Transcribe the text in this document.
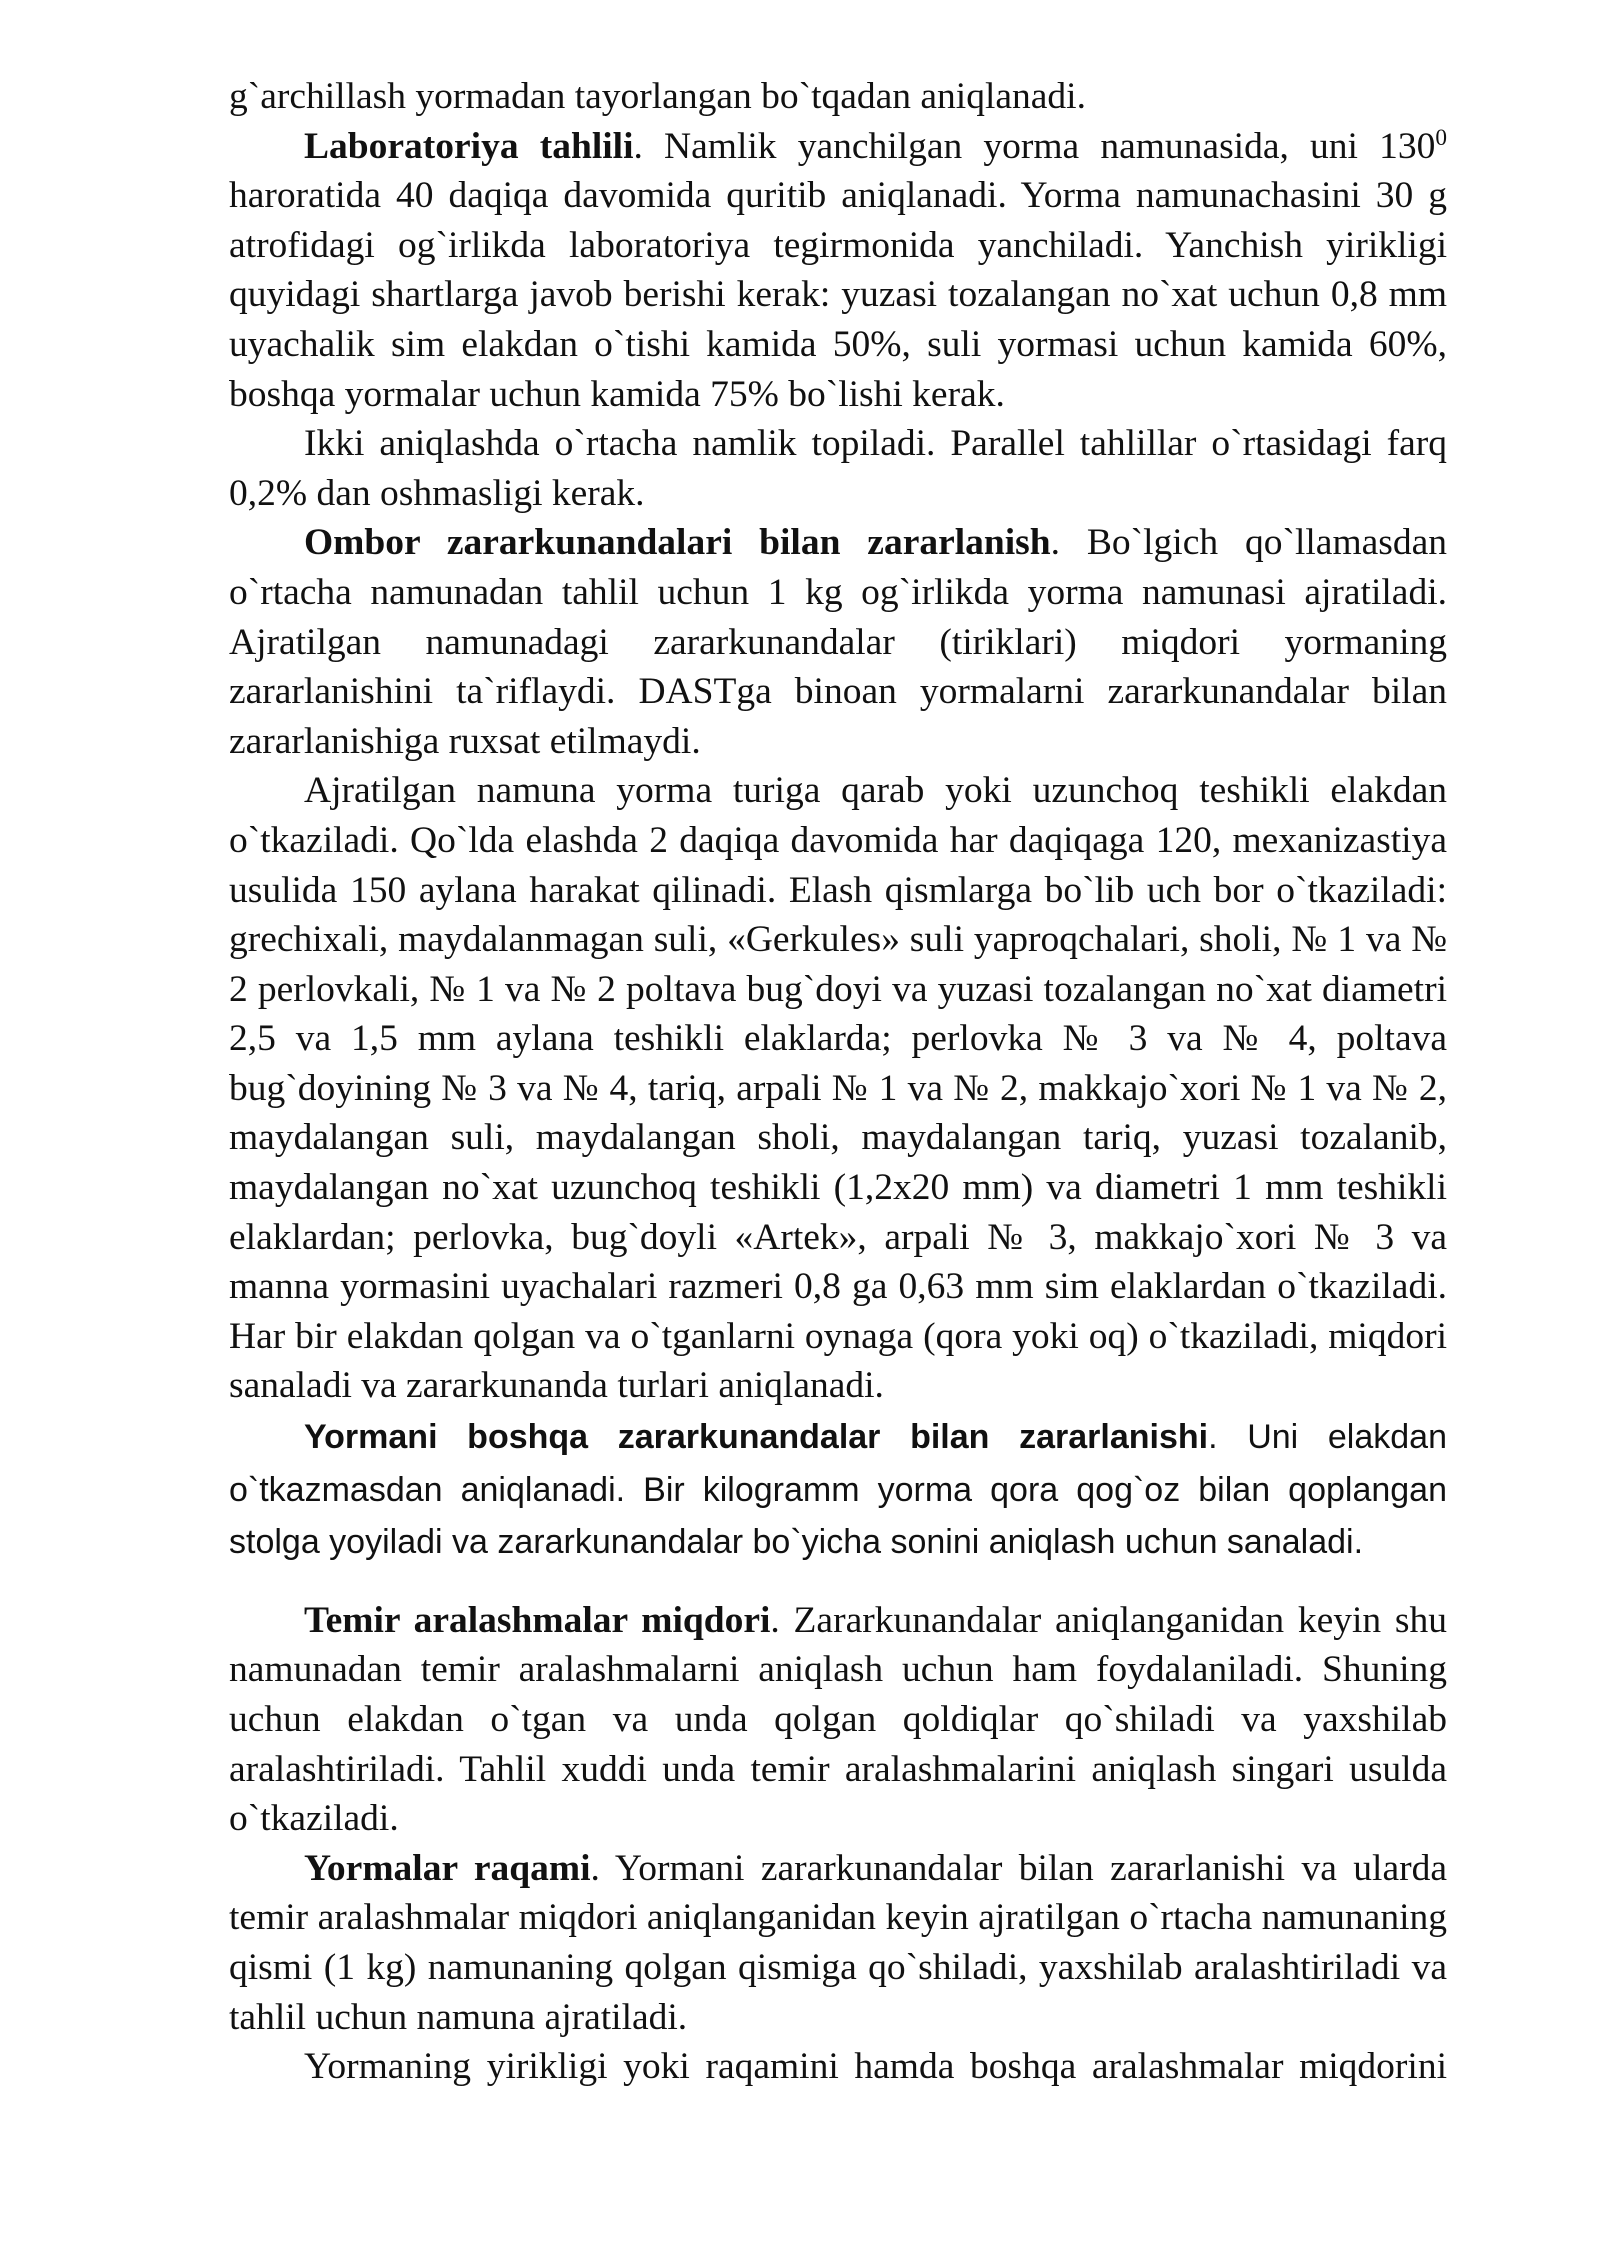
g`archillash yormadan tayorlangan bo`tqadan aniqlanadi.

Laboratoriya tahlili. Namlik yanchilgan yorma namunasida, uni $130^0$ haroratida 40 daqiqa davomida quritib aniqlanadi. Yorma namunachasini 30 g atrofidagi og`irlikda laboratoriya tegirmonida yanchiladi. Yanchish yirikligi quyidagi shartlarga javob berishi kerak: yuzasi tozalangan no`xat uchun 0,8 mm uyachalik sim elakdan o`tishi kamida 50%, suli yormasi uchun kamida 60%, boshqa yormalar uchun kamida 75% bo`lishi kerak.

Ikki aniqlashda o`rtacha namlik topiladi. Parallel tahlillar o`rtasidagi farq 0,2% dan oshmasligi kerak.

Ombor zararkunandalari bilan zararlanish. Bo`lgich qo`llamasdan o`rtacha namunadan tahlil uchun 1 kg og`irlikda yorma namunasi ajratiladi. Ajratilgan namunadagi zararkunandalar (tiriklari) miqdori yormaning zararlanishini ta`riflaydi. DASTga binoan yormalarni zararkunandalar bilan zararlanishiga ruxsat etilmaydi.

Ajratilgan namuna yorma turiga qarab yoki uzunchoq teshikli elakdan o`tkaziladi. Qo`lda elashda 2 daqiqa davomida har daqiqaga 120, mexanizastiya usulida 150 aylana harakat qilinadi. Elash qismlarga bo`lib uch bor o`tkaziladi: grechixali, maydalanmagan suli, «Gerkules» suli yaproqchalari, sholi, № 1 va № 2 perlovkali, № 1 va № 2 poltava bug`doyi va yuzasi tozalangan no`xat diametri 2,5 va 1,5 mm aylana teshikli elaklarda; perlovka № 3 va № 4, poltava bug`doyining № 3 va № 4, tariq, arpali № 1 va № 2, makkajo`xori № 1 va № 2, maydalangan suli, maydalangan sholi, maydalangan tariq, yuzasi tozalanib, maydalangan no`xat uzunchoq teshikli (1,2x20 mm) va diametri 1 mm teshikli elaklardan; perlovka, bug`doyli «Artek», arpali № 3, makkajo`xori № 3 va manna yormasini uyachalari razmeri 0,8 ga 0,63 mm sim elaklardan o`tkaziladi. Har bir elakdan qolgan va o`tganlarni oynaga (qora yoki oq) o`tkaziladi, miqdori sanaladi va zararkunanda turlari aniqlanadi.

Yormani boshqa zararkunandalar bilan zararlanishi. Uni elakdan o`tkazmasdan aniqlanadi. Bir kilogramm yorma qora qog`oz bilan qoplangan stolga yoyiladi va zararkunandalar bo`yicha sonini aniqlash uchun sanaladi.

Temir aralashmalar miqdori. Zararkunandalar aniqlanganidan keyin shu namunadan temir aralashmalarni aniqlash uchun ham foydalaniladi. Shuning uchun elakdan o`tgan va unda qolgan qoldiqlar qo`shiladi va yaxshilab aralashtiriladi. Tahlil xuddi unda temir aralashmalarini aniqlash singari usulda o`tkaziladi.

Yormalar raqami. Yormani zararkunandalar bilan zararlanishi va ularda temir aralashmalar miqdori aniqlanganidan keyin ajratilgan o`rtacha namunaning qismi (1 kg) namunaning qolgan qismiga qo`shiladi, yaxshilab aralashtiriladi va tahlil uchun namuna ajratiladi.

Yormaning yirikligi yoki raqamini hamda boshqa aralashmalar miqdorini
